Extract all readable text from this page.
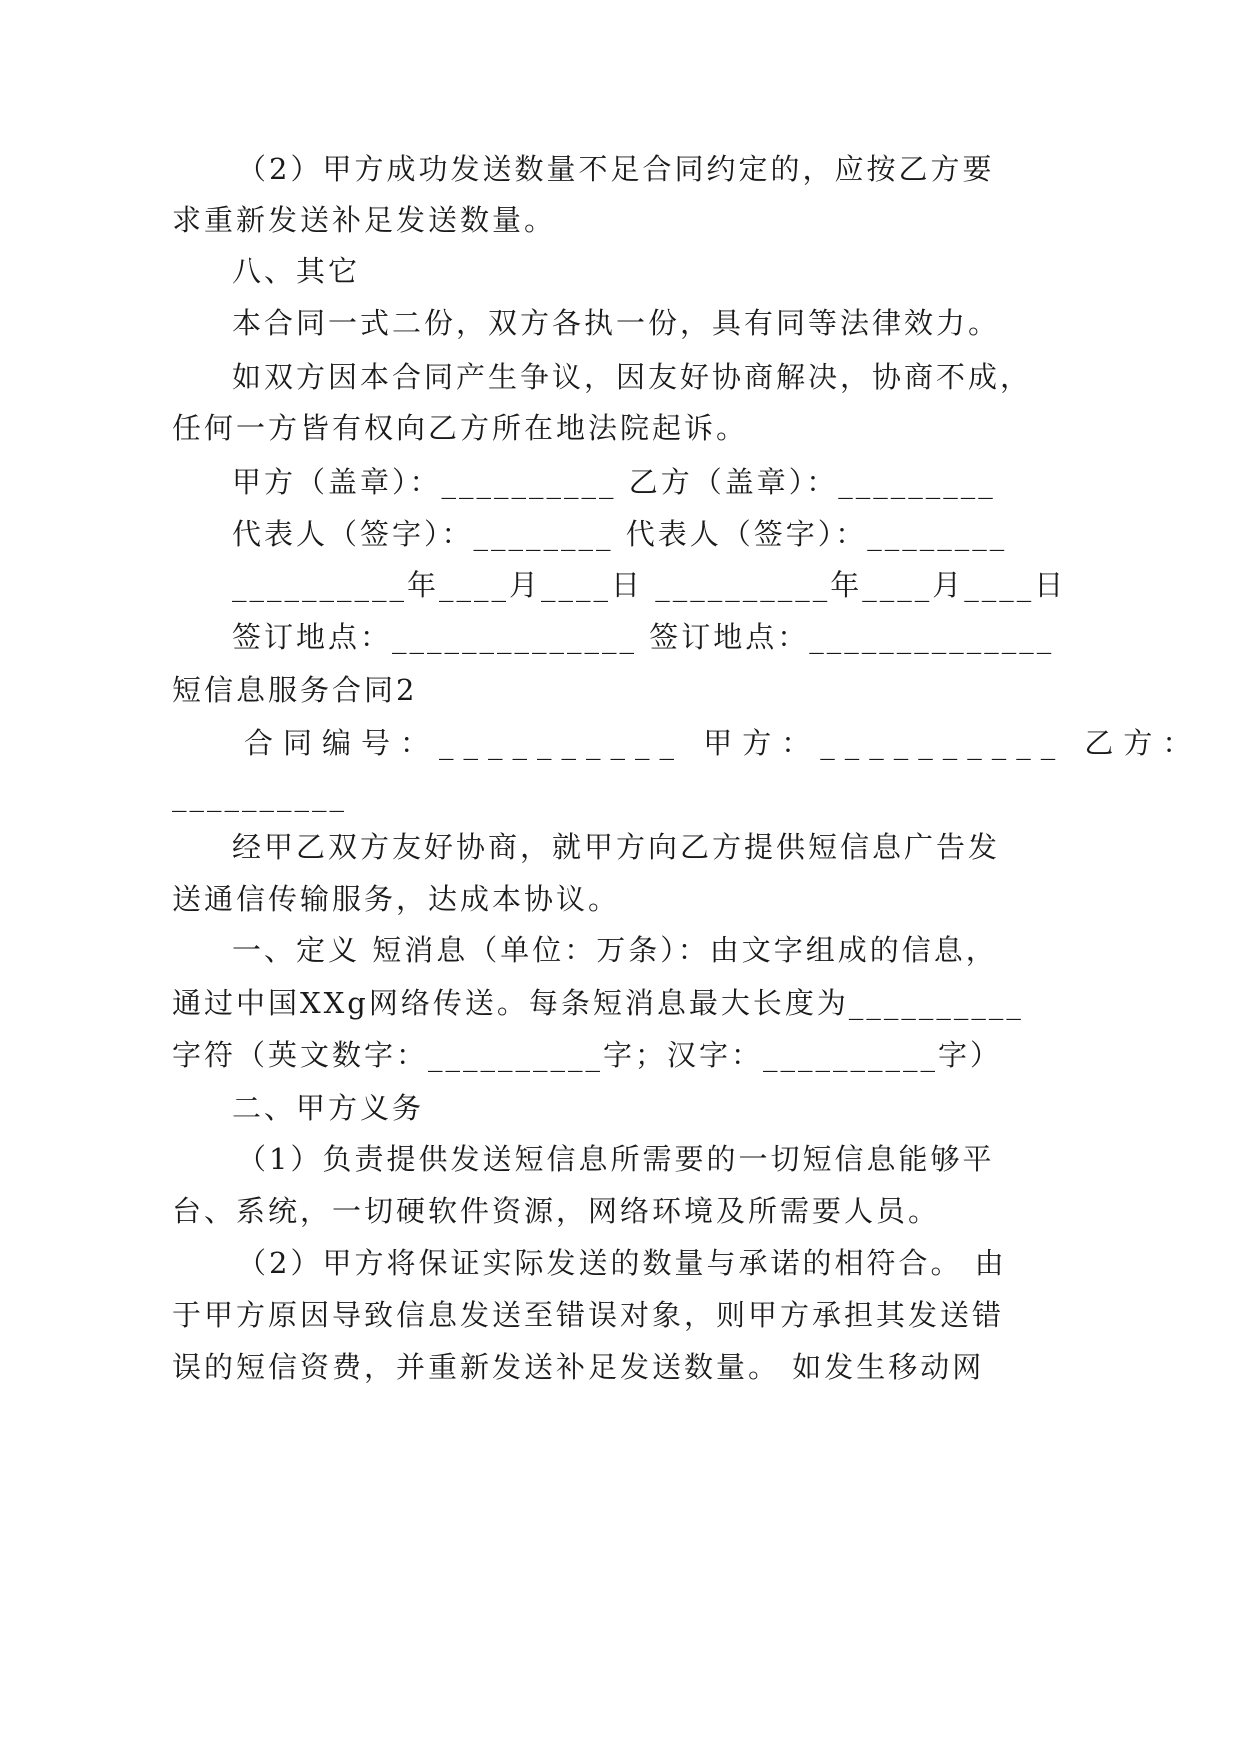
（2）甲方成功发送数量不足合同约定的，应按乙方要
求重新发送补足发送数量。
八、其它
本合同一式二份，双方各执一份，具有同等法律效力。
如双方因本合同产生争议，因友好协商解决，协商不成，
任何一方皆有权向乙方所在地法院起诉。
甲方（盖章）：__________ 乙方（盖章）：_________
代表人（签字）：________ 代表人（签字）：________
__________年____月____日 __________年____月____日
签订地点：______________ 签订地点：______________
短信息服务合同2
合同编号：__________ 甲方：__________ 乙方：
__________
经甲乙双方友好协商，就甲方向乙方提供短信息广告发
送通信传输服务，达成本协议。
一、定义 短消息（单位：万条）：由文字组成的信息，
通过中国XXg网络传送。每条短消息最大长度为__________
字符（英文数字：__________字；汉字：__________字）
二、甲方义务
（1）负责提供发送短信息所需要的一切短信息能够平
台、系统，一切硬软件资源，网络环境及所需要人员。
（2）甲方将保证实际发送的数量与承诺的相符合。 由
于甲方原因导致信息发送至错误对象，则甲方承担其发送错
误的短信资费，并重新发送补足发送数量。 如发生移动网
